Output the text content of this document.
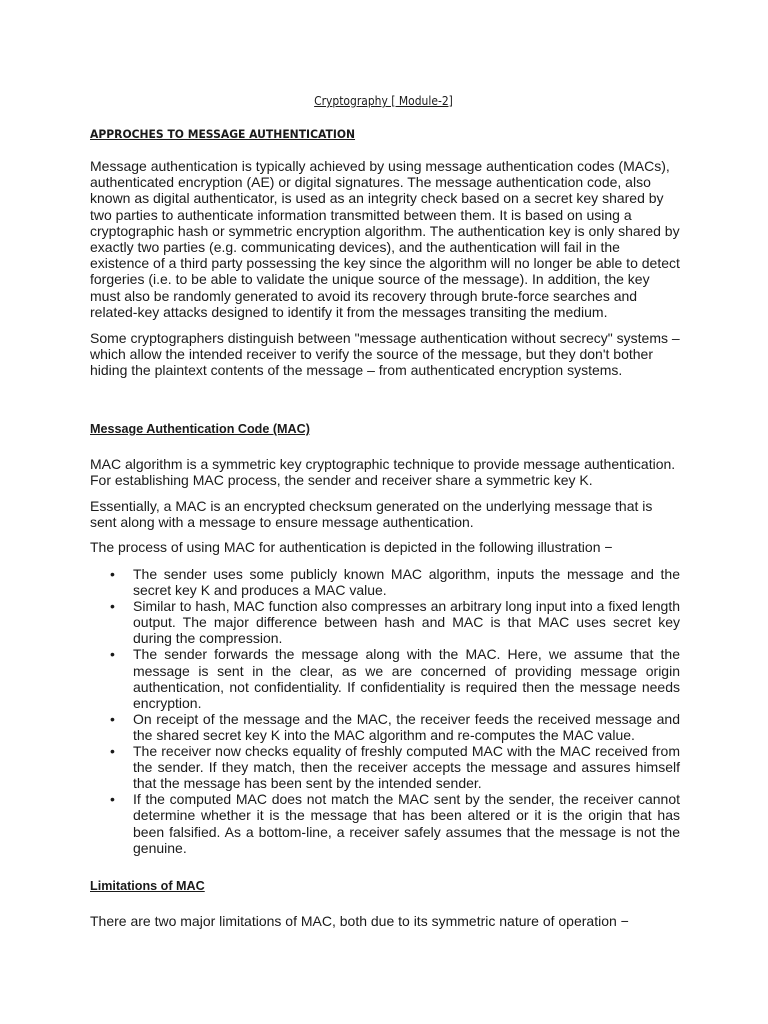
Cryptography [ Module-2]
APPROCHES TO MESSAGE AUTHENTICATION

Message authentication is typically achieved by using message authentication codes (MACs), authenticated encryption (AE) or digital signatures. The message authentication code, also known as digital authenticator, is used as an integrity check based on a secret key shared by two parties to authenticate information transmitted between them. It is based on using a cryptographic hash or symmetric encryption algorithm. The authentication key is only shared by exactly two parties (e.g. communicating devices), and the authentication will fail in the existence of a third party possessing the key since the algorithm will no longer be able to detect forgeries (i.e. to be able to validate the unique source of the message). In addition, the key must also be randomly generated to avoid its recovery through brute-force searches and related-key attacks designed to identify it from the messages transiting the medium.

Some cryptographers distinguish between "message authentication without secrecy" systems – which allow the intended receiver to verify the source of the message, but they don't bother hiding the plaintext contents of the message – from authenticated encryption systems.

Message Authentication Code (MAC)

MAC algorithm is a symmetric key cryptographic technique to provide message authentication. For establishing MAC process, the sender and receiver share a symmetric key K.

Essentially, a MAC is an encrypted checksum generated on the underlying message that is sent along with a message to ensure message authentication.

The process of using MAC for authentication is depicted in the following illustration −

• The sender uses some publicly known MAC algorithm, inputs the message and the secret key K and produces a MAC value.
• Similar to hash, MAC function also compresses an arbitrary long input into a fixed length output. The major difference between hash and MAC is that MAC uses secret key during the compression.
• The sender forwards the message along with the MAC. Here, we assume that the message is sent in the clear, as we are concerned of providing message origin authentication, not confidentiality. If confidentiality is required then the message needs encryption.
• On receipt of the message and the MAC, the receiver feeds the received message and the shared secret key K into the MAC algorithm and re-computes the MAC value.
• The receiver now checks equality of freshly computed MAC with the MAC received from the sender. If they match, then the receiver accepts the message and assures himself that the message has been sent by the intended sender.
• If the computed MAC does not match the MAC sent by the sender, the receiver cannot determine whether it is the message that has been altered or it is the origin that has been falsified. As a bottom-line, a receiver safely assumes that the message is not the genuine.
Limitations of MAC

There are two major limitations of MAC, both due to its symmetric nature of operation −
